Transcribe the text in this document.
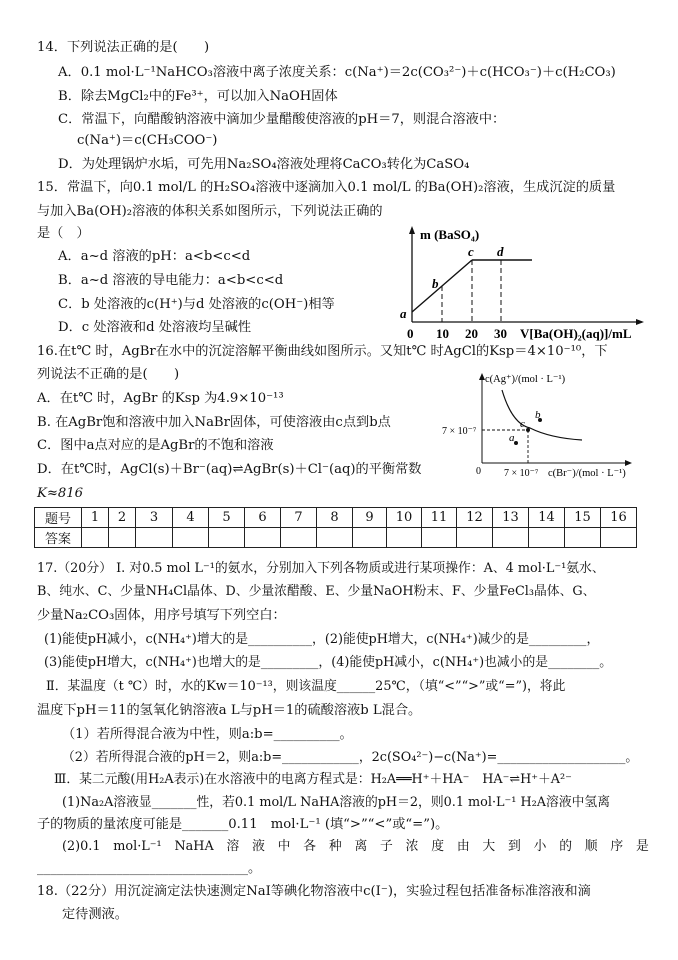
14．下列说法正确的是(　　)
A．0.1 mol·L⁻¹NaHCO₃溶液中离子浓度关系：c(Na⁺)＝2c(CO₃²⁻)＋c(HCO₃⁻)＋c(H₂CO₃)
B．除去MgCl₂中的Fe³⁺，可以加入NaOH固体
C．常温下，向醋酸钠溶液中滴加少量醋酸使溶液的pH＝7，则混合溶液中：
c(Na⁺)＝c(CH₃COO⁻)
D．为处理锅炉水垢，可先用Na₂SO₄溶液处理将CaCO₃转化为CaSO₄
15．常温下，向0.1 mol/L 的H₂SO₄溶液中逐滴加入0.1 mol/L 的Ba(OH)₂溶液，生成沉淀的质量
与加入Ba(OH)₂溶液的体积关系如图所示，下列说法正确的
是（　）
A．a~d 溶液的pH：a<b<c<d
B．a~d 溶液的导电能力：a<b<c<d
C．b 处溶液的c(H⁺)与d 处溶液的c(OH⁻)相等
D．c 处溶液和d 处溶液均呈碱性
m (BaSO₄)
a
b
c d
0 10 20 30 V[Ba(OH)₂(aq)]/mL
16.在t℃ 时，AgBr在水中的沉淀溶解平衡曲线如图所示。又知t℃ 时AgCl的Ksp＝4×10⁻¹⁰，下
列说法不正确的是(　　)
A．在t℃ 时，AgBr 的Ksp 为4.9×10⁻¹³
B. 在AgBr饱和溶液中加入NaBr固体，可使溶液由c点到b点
C．图中a点对应的是AgBr的不饱和溶液
D．在t℃时，AgCl(s)＋Br⁻(aq)⇌AgBr(s)＋Cl⁻(aq)的平衡常数
K≈816
c(Ag⁺)/(mol · L⁻¹)
c
b
a
7 × 10⁻⁷
0 7 × 10⁻⁷ c(Br⁻)/(mol · L⁻¹)
题号	1	2	3	4	5	6	7	8	9	10	11	12	13	14	15	16
答案																
17.（20分） I. 对0.5 mol L⁻¹的氨水，分别加入下列各物质或进行某项操作：A、4 mol·L⁻¹氨水、
B、纯水、C、少量NH₄Cl晶体、D、少量浓醋酸、E、少量NaOH粉末、F、少量FeCl₃晶体、G、
少量Na₂CO₃固体，用序号填写下列空白：
(1)能使pH减小，c(NH₄⁺)增大的是__________，(2)能使pH增大，c(NH₄⁺)减少的是_________，
(3)能使pH增大，c(NH₄⁺)也增大的是_________，(4)能使pH减小，c(NH₄⁺)也减小的是________。
Ⅱ．某温度（t ℃）时，水的Kw＝10⁻¹³，则该温度______25℃，（填“<”“>”或“=”)，将此
温度下pH＝11的氢氧化钠溶液a L与pH＝1的硫酸溶液b L混合。
（1）若所得混合液为中性，则a:b=__________。
（2）若所得混合液的pH＝2，则a:b=____________，2c(SO₄²⁻)−c(Na⁺)=____________________。
Ⅲ．某二元酸(用H₂A表示)在水溶液中的电离方程式是：H₂A══H⁺＋HA⁻　HA⁻⇌H⁺＋A²⁻
(1)Na₂A溶液显_______性，若0.1 mol/L NaHA溶液的pH＝2，则0.1 mol·L⁻¹ H₂A溶液中氢离
子的物质的量浓度可能是_______0.11　mol·L⁻¹ (填“>”“<”或“=”)。
(2)0.1　mol·L⁻¹　NaHA　溶　液　中　各　种　离　子　浓　度　由　大　到　小　的　顺　序　是
________________________________。
18.（22分）用沉淀滴定法快速测定NaI等碘化物溶液中c(I⁻)，实验过程包括准备标准溶液和滴
定待测液。
